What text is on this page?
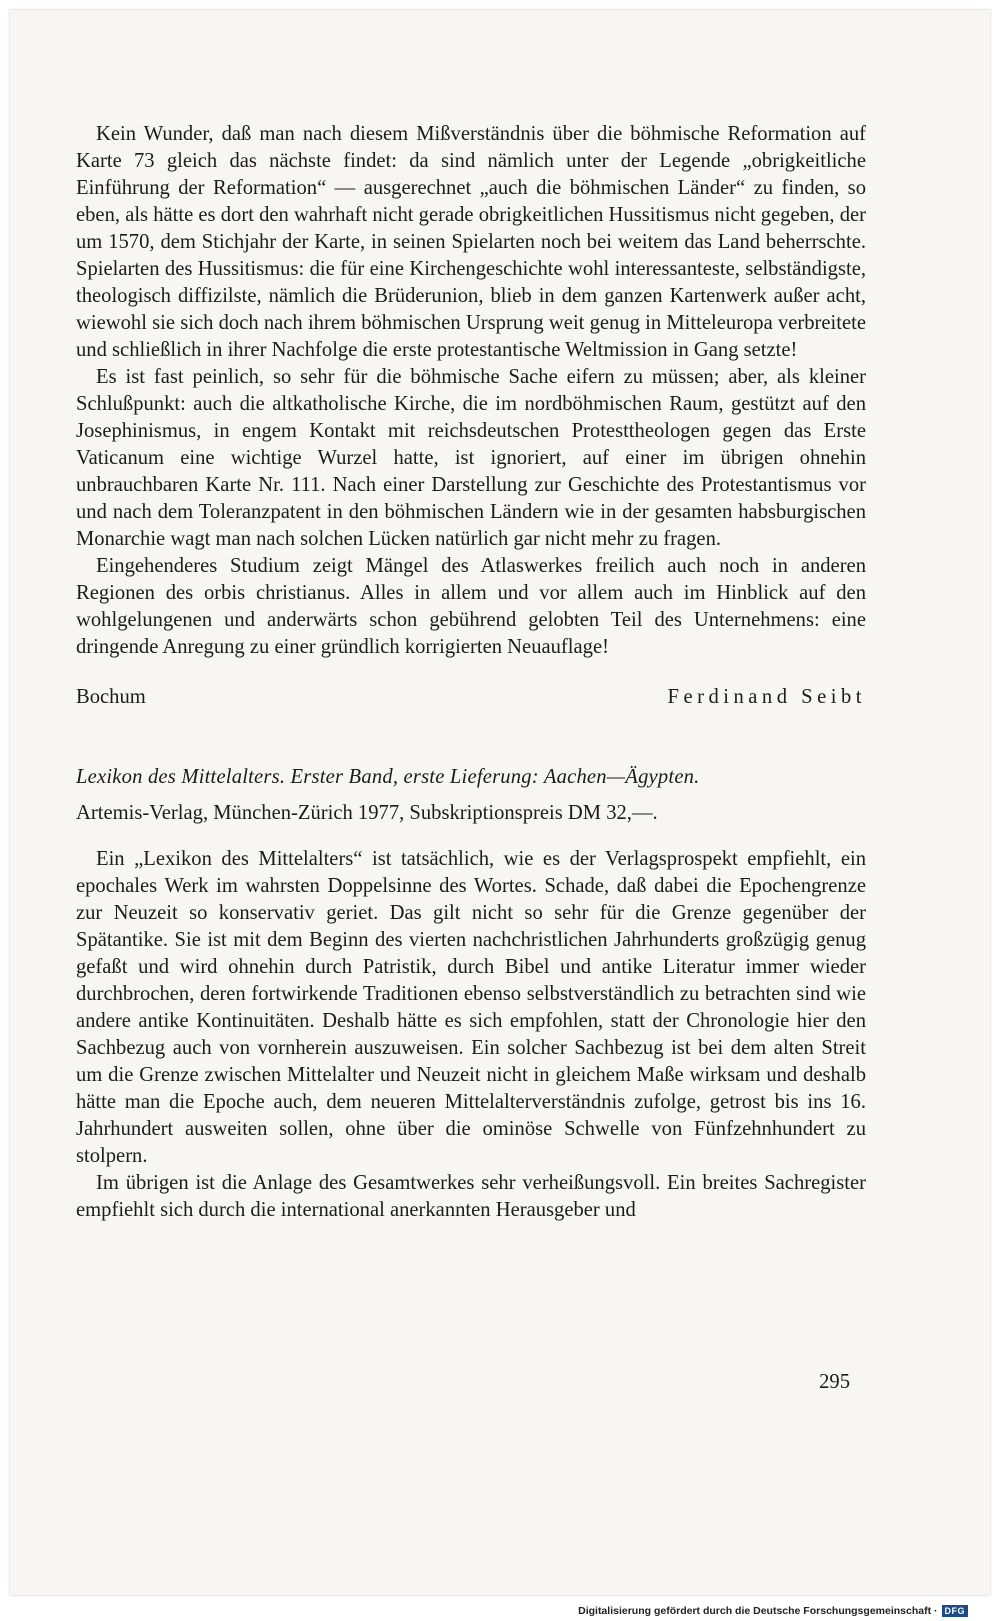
Kein Wunder, daß man nach diesem Mißverständnis über die böhmische Reformation auf Karte 73 gleich das nächste findet: da sind nämlich unter der Legende „obrigkeitliche Einführung der Reformation“ — ausgerechnet „auch die böhmischen Länder“ zu finden, so eben, als hätte es dort den wahrhaft nicht gerade obrigkeitlichen Hussitismus nicht gegeben, der um 1570, dem Stichjahr der Karte, in seinen Spielarten noch bei weitem das Land beherrschte. Spielarten des Hussitismus: die für eine Kirchengeschichte wohl interessanteste, selbständigste, theologisch diffizilste, nämlich die Brüderunion, blieb in dem ganzen Kartenwerk außer acht, wiewohl sie sich doch nach ihrem böhmischen Ursprung weit genug in Mitteleuropa verbreitete und schließlich in ihrer Nachfolge die erste protestantische Weltmission in Gang setzte!

Es ist fast peinlich, so sehr für die böhmische Sache eifern zu müssen; aber, als kleiner Schlußpunkt: auch die altkatholische Kirche, die im nordböhmischen Raum, gestützt auf den Josephinismus, in engem Kontakt mit reichsdeutschen Protesttheologen gegen das Erste Vaticanum eine wichtige Wurzel hatte, ist ignoriert, auf einer im übrigen ohnehin unbrauchbaren Karte Nr. 111. Nach einer Darstellung zur Geschichte des Protestantismus vor und nach dem Toleranzpatent in den böhmischen Ländern wie in der gesamten habsburgischen Monarchie wagt man nach solchen Lücken natürlich gar nicht mehr zu fragen.

Eingehenderes Studium zeigt Mängel des Atlaswerkes freilich auch noch in anderen Regionen des orbis christianus. Alles in allem und vor allem auch im Hinblick auf den wohlgelungenen und anderwärts schon gebührend gelobten Teil des Unternehmens: eine dringende Anregung zu einer gründlich korrigierten Neuauflage!

Bochum	Ferdinand Seibt
Lexikon des Mittelalters. Erster Band, erste Lieferung: Aachen—Ägypten.
Artemis-Verlag, München-Zürich 1977, Subskriptionspreis DM 32,—.

Ein „Lexikon des Mittelalters“ ist tatsächlich, wie es der Verlagsprospekt empfiehlt, ein epochales Werk im wahrsten Doppelsinne des Wortes. Schade, daß dabei die Epochengrenze zur Neuzeit so konservativ geriet. Das gilt nicht so sehr für die Grenze gegenüber der Spätantike. Sie ist mit dem Beginn des vierten nachchristlichen Jahrhunderts großzügig genug gefaßt und wird ohnehin durch Patristik, durch Bibel und antike Literatur immer wieder durchbrochen, deren fortwirkende Traditionen ebenso selbstverständlich zu betrachten sind wie andere antike Kontinuitäten. Deshalb hätte es sich empfohlen, statt der Chronologie hier den Sachbezug auch von vornherein auszuweisen. Ein solcher Sachbezug ist bei dem alten Streit um die Grenze zwischen Mittelalter und Neuzeit nicht in gleichem Maße wirksam und deshalb hätte man die Epoche auch, dem neueren Mittelalterverständnis zufolge, getrost bis ins 16. Jahrhundert ausweiten sollen, ohne über die ominöse Schwelle von Fünfzehnhundert zu stolpern.

Im übrigen ist die Anlage des Gesamtwerkes sehr verheißungsvoll. Ein breites Sachregister empfiehlt sich durch die international anerkannten Herausgeber und

295
Digitalisierung gefördert durch die Deutsche Forschungsgemeinschaft · DFG
